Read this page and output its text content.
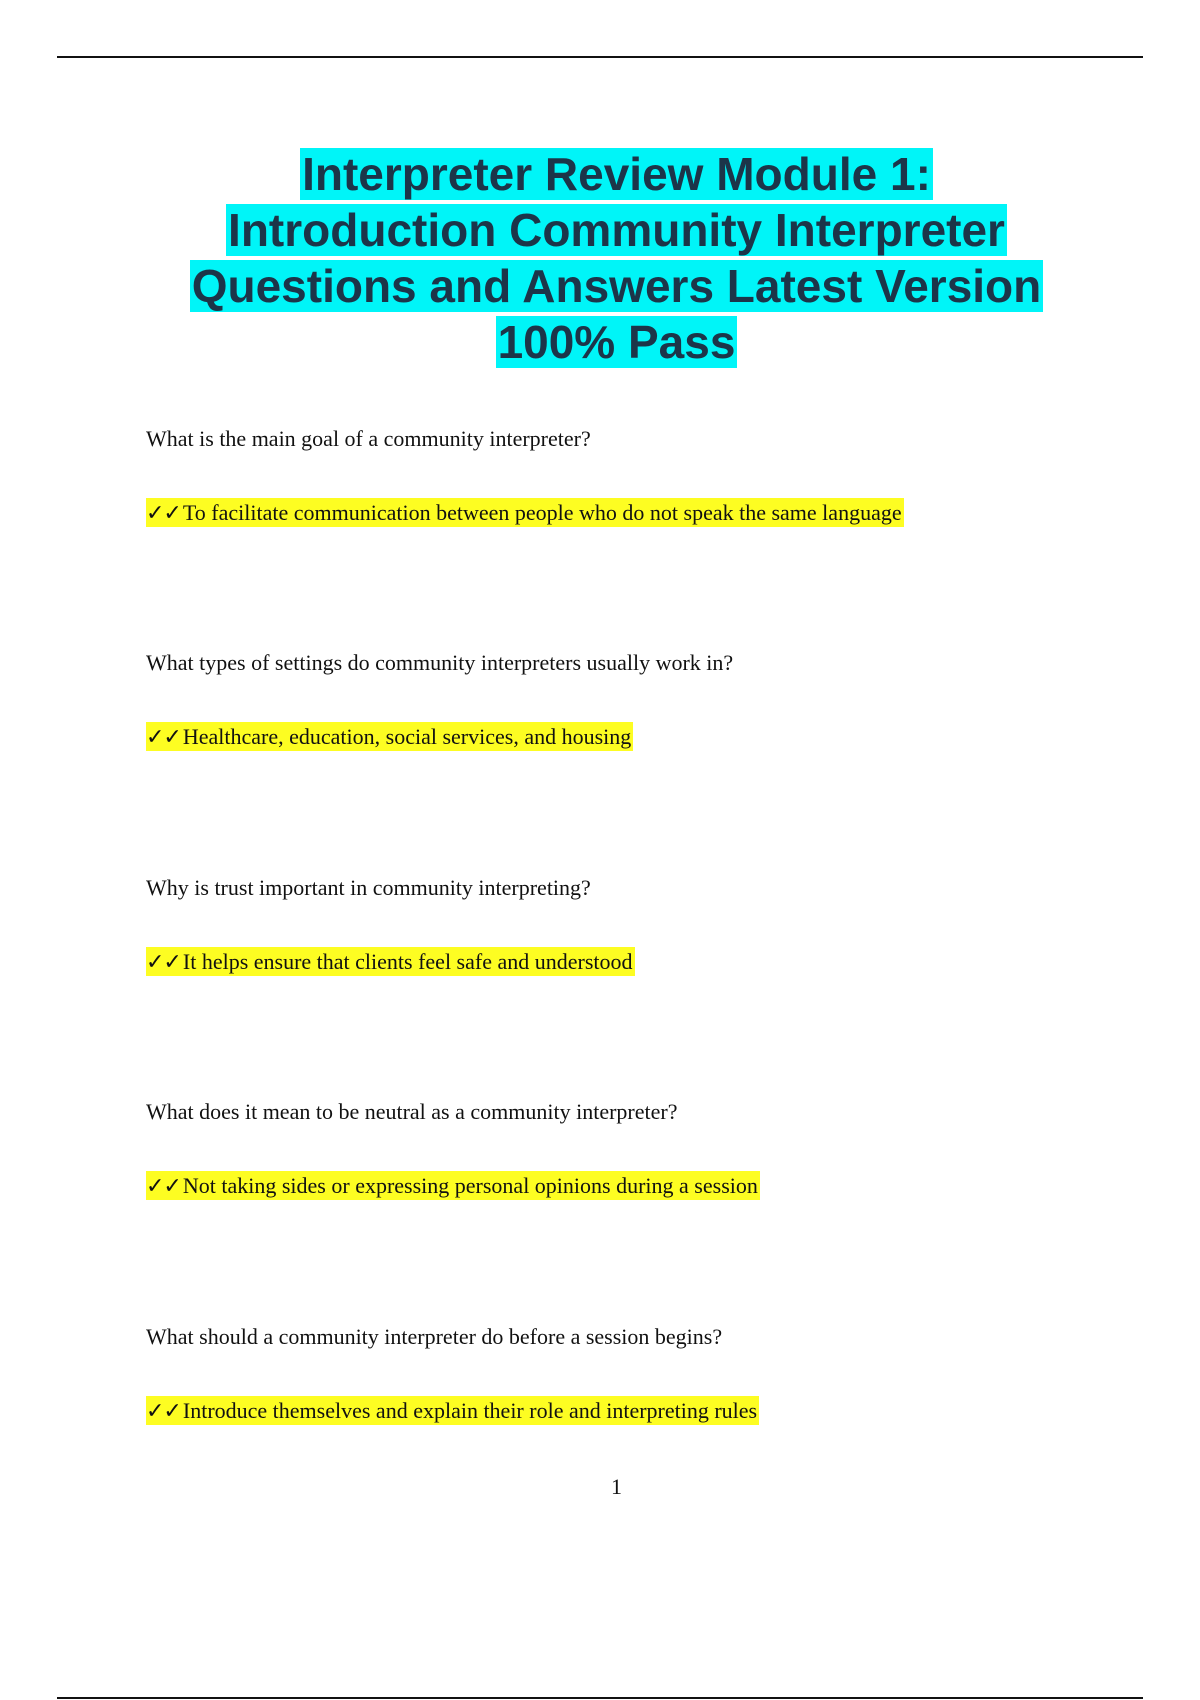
Interpreter Review Module 1:
Introduction Community Interpreter
Questions and Answers Latest Version
100% Pass

What is the main goal of a community interpreter?

✓✓To facilitate communication between people who do not speak the same language

What types of settings do community interpreters usually work in?

✓✓Healthcare, education, social services, and housing

Why is trust important in community interpreting?

✓✓It helps ensure that clients feel safe and understood

What does it mean to be neutral as a community interpreter?

✓✓Not taking sides or expressing personal opinions during a session

What should a community interpreter do before a session begins?

✓✓Introduce themselves and explain their role and interpreting rules

1
